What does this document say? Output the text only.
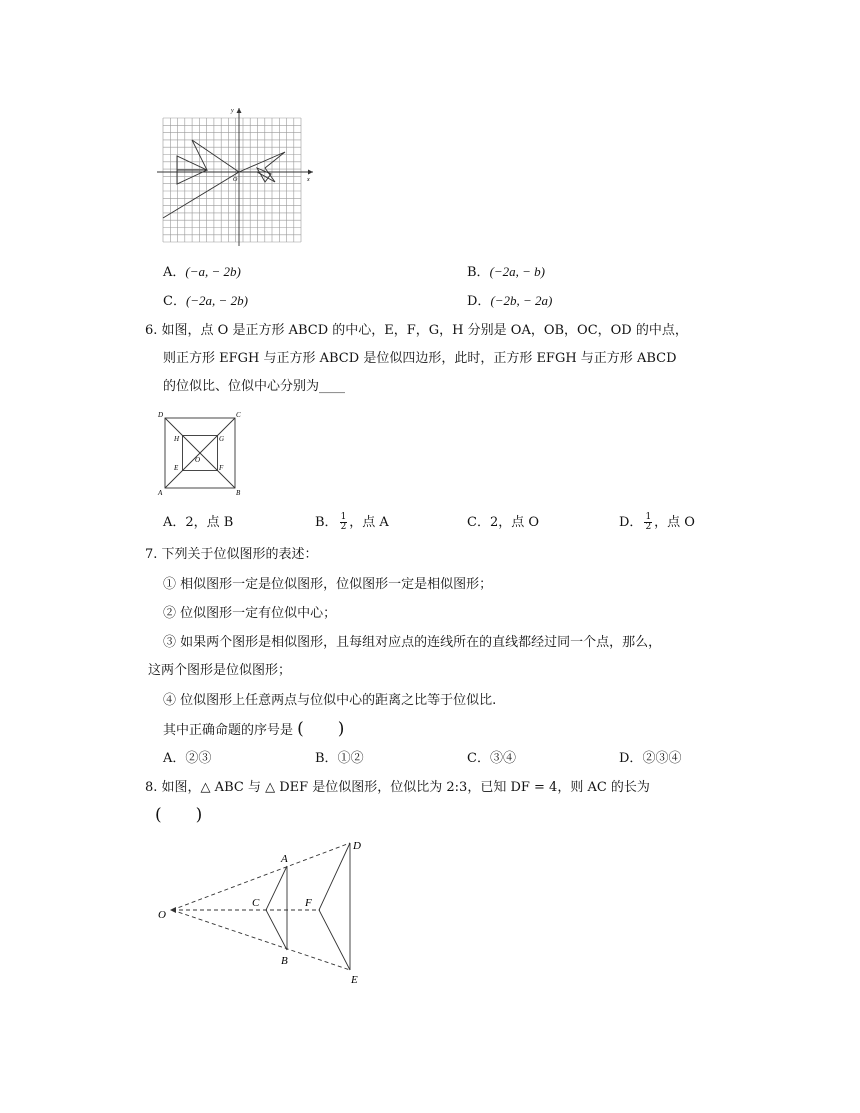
x
y
O
A．(−a, − 2b)	B．(−2a, − b)
C．(−2a, − 2b)	D．(−2b, − 2a)
6. 如图，点 O 是正方形 ABCD 的中心，E，F，G，H 分别是 OA，OB，OC，OD 的中点，
则正方形 EFGH 与正方形 ABCD 是位似四边形，此时，正方形 EFGH 与正方形 ABCD
的位似比、位似中心分别为____
D	C
A	B
H	G
E	F
O
A．2，点 B	B． $\frac{1}{2}$ ，点 A	C．2，点 O	D． $\frac{1}{2}$ ，点 O
7. 下列关于位似图形的表述：
① 相似图形一定是位似图形，位似图形一定是相似图形；
② 位似图形一定有位似中心；
③ 如果两个图形是相似图形，且每组对应点的连线所在的直线都经过同一个点，那么，
这两个图形是位似图形；
④ 位似图形上任意两点与位似中心的距离之比等于位似比.
其中正确命题的序号是 (　　)
A．②③	B．①②	C．③④	D．②③④
8. 如图，△ ABC 与 △ DEF 是位似图形，位似比为 2:3，已知 DF = 4，则 AC 的长为
(　　)
O
A
B
C
D
E
F
